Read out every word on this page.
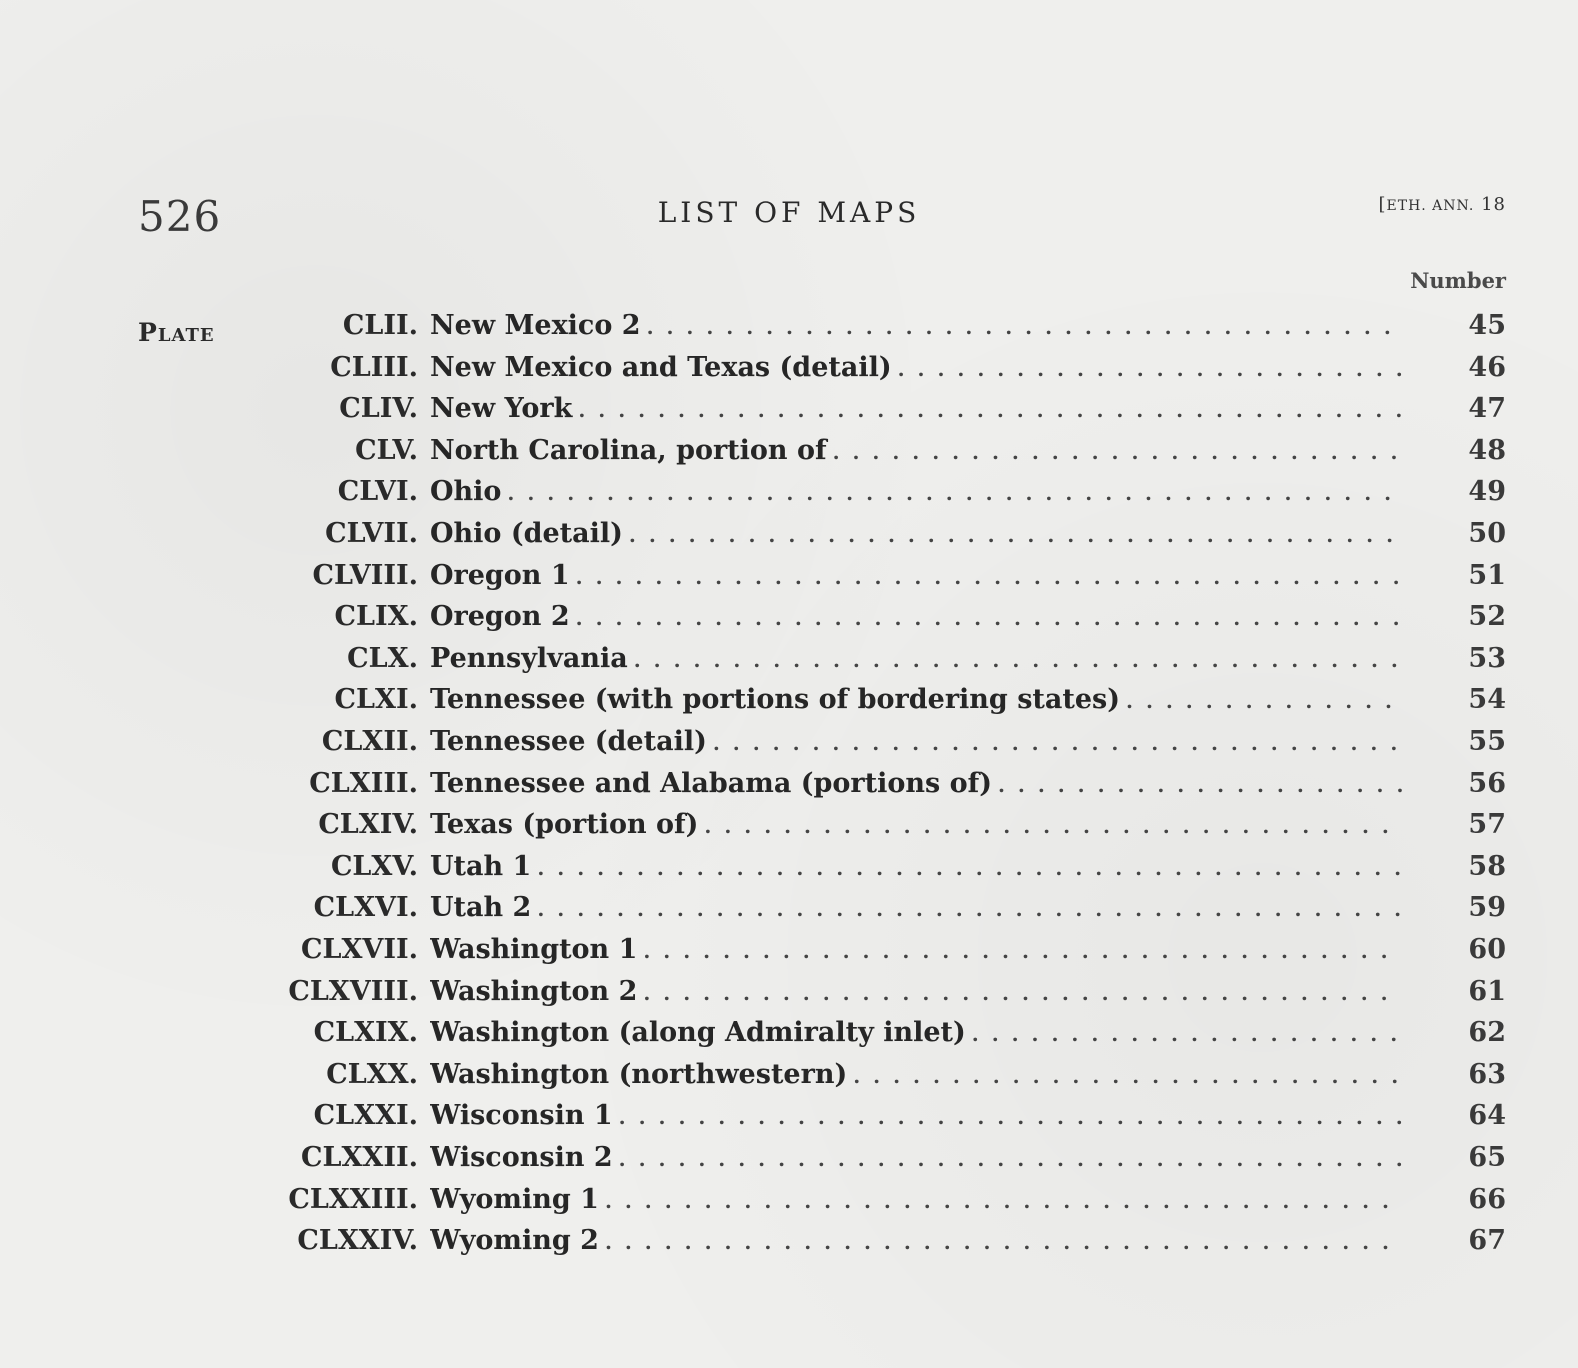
526	LIST OF MAPS	[ETH. ANN. 18
Number
PLATE	CLII. New Mexico 2 . . .	45
CLIII. New Mexico and Texas (detail) . . .	46
CLIV. New York . . .	47
CLV. North Carolina, portion of . . .	48
CLVI. Ohio . . .	49
CLVII. Ohio (detail) . . .	50
CLVIII. Oregon 1 . . .	51
CLIX. Oregon 2 . . .	52
CLX. Pennsylvania . . .	53
CLXI. Tennessee (with portions of bordering states) . . .	54
CLXII. Tennessee (detail) . . .	55
CLXIII. Tennessee and Alabama (portions of) . . .	56
CLXIV. Texas (portion of) . . .	57
CLXV. Utah 1 . . .	58
CLXVI. Utah 2 . . .	59
CLXVII. Washington 1 . . .	60
CLXVIII. Washington 2 . . .	61
CLXIX. Washington (along Admiralty inlet) . . .	62
CLXX. Washington (northwestern) . . .	63
CLXXI. Wisconsin 1 . . .	64
CLXXII. Wisconsin 2 . . .	65
CLXXIII. Wyoming 1 . . .	66
CLXXIV. Wyoming 2 . . .	67
